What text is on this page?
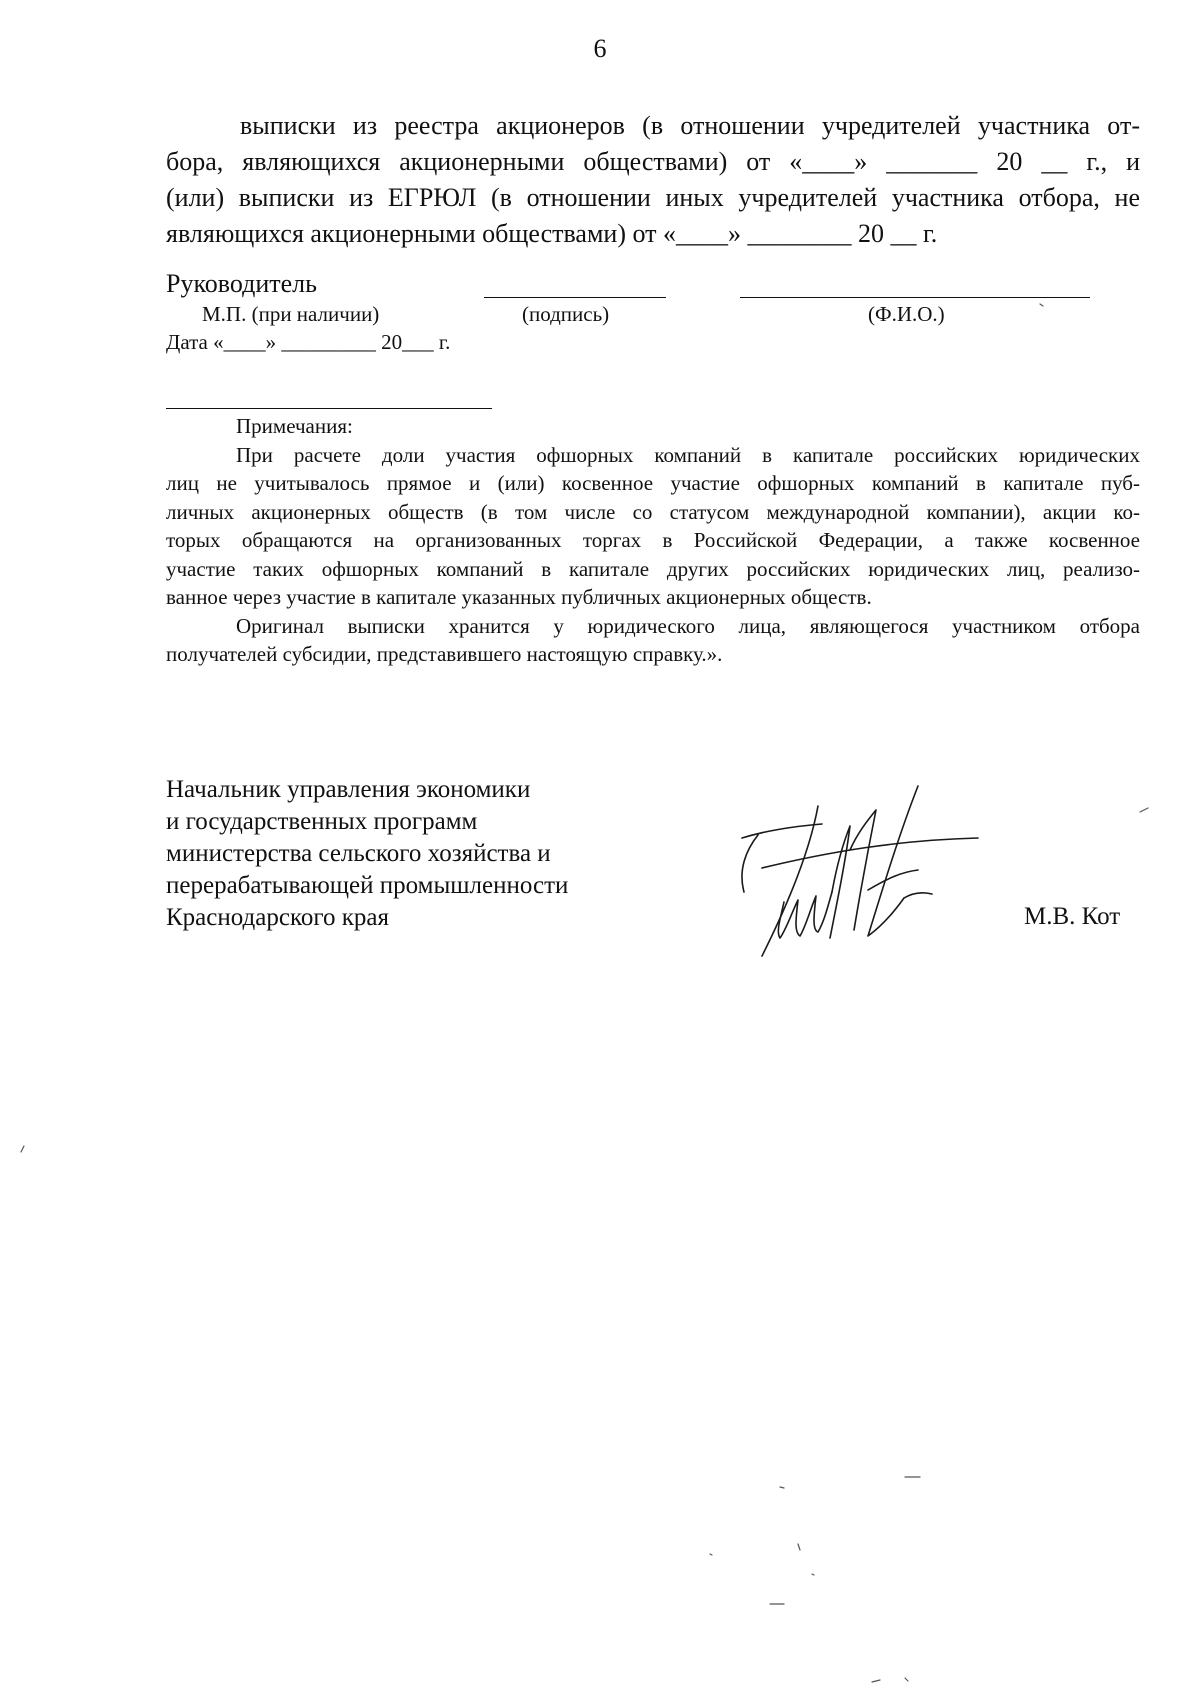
6
выписки из реестра акционеров (в отношении учредителей участника от-
бора, являющихся акционерными обществами) от «____» _______ 20 __ г., и
(или) выписки из ЕГРЮЛ (в отношении иных учредителей участника отбора, не
являющихся акционерными обществами) от «____» ________ 20 __ г.
Руководитель
М.П. (при наличии)	(подпись)	(Ф.И.О.)
Дата «____» _________ 20___ г.
Примечания:
При расчете доли участия офшорных компаний в капитале российских юридических
лиц не учитывалось прямое и (или) косвенное участие офшорных компаний в капитале пуб-
личных акционерных обществ (в том числе со статусом международной компании), акции ко-
торых обращаются на организованных торгах в Российской Федерации, а также косвенное
участие таких офшорных компаний в капитале других российских юридических лиц, реализо-
ванное через участие в капитале указанных публичных акционерных обществ.
Оригинал выписки хранится у юридического лица, являющегося участником отбора
получателей субсидии, представившего настоящую справку.».
Начальник управления экономики
и государственных программ
министерства сельского хозяйства и
перерабатывающей промышленности
Краснодарского края	М.В. Кот
